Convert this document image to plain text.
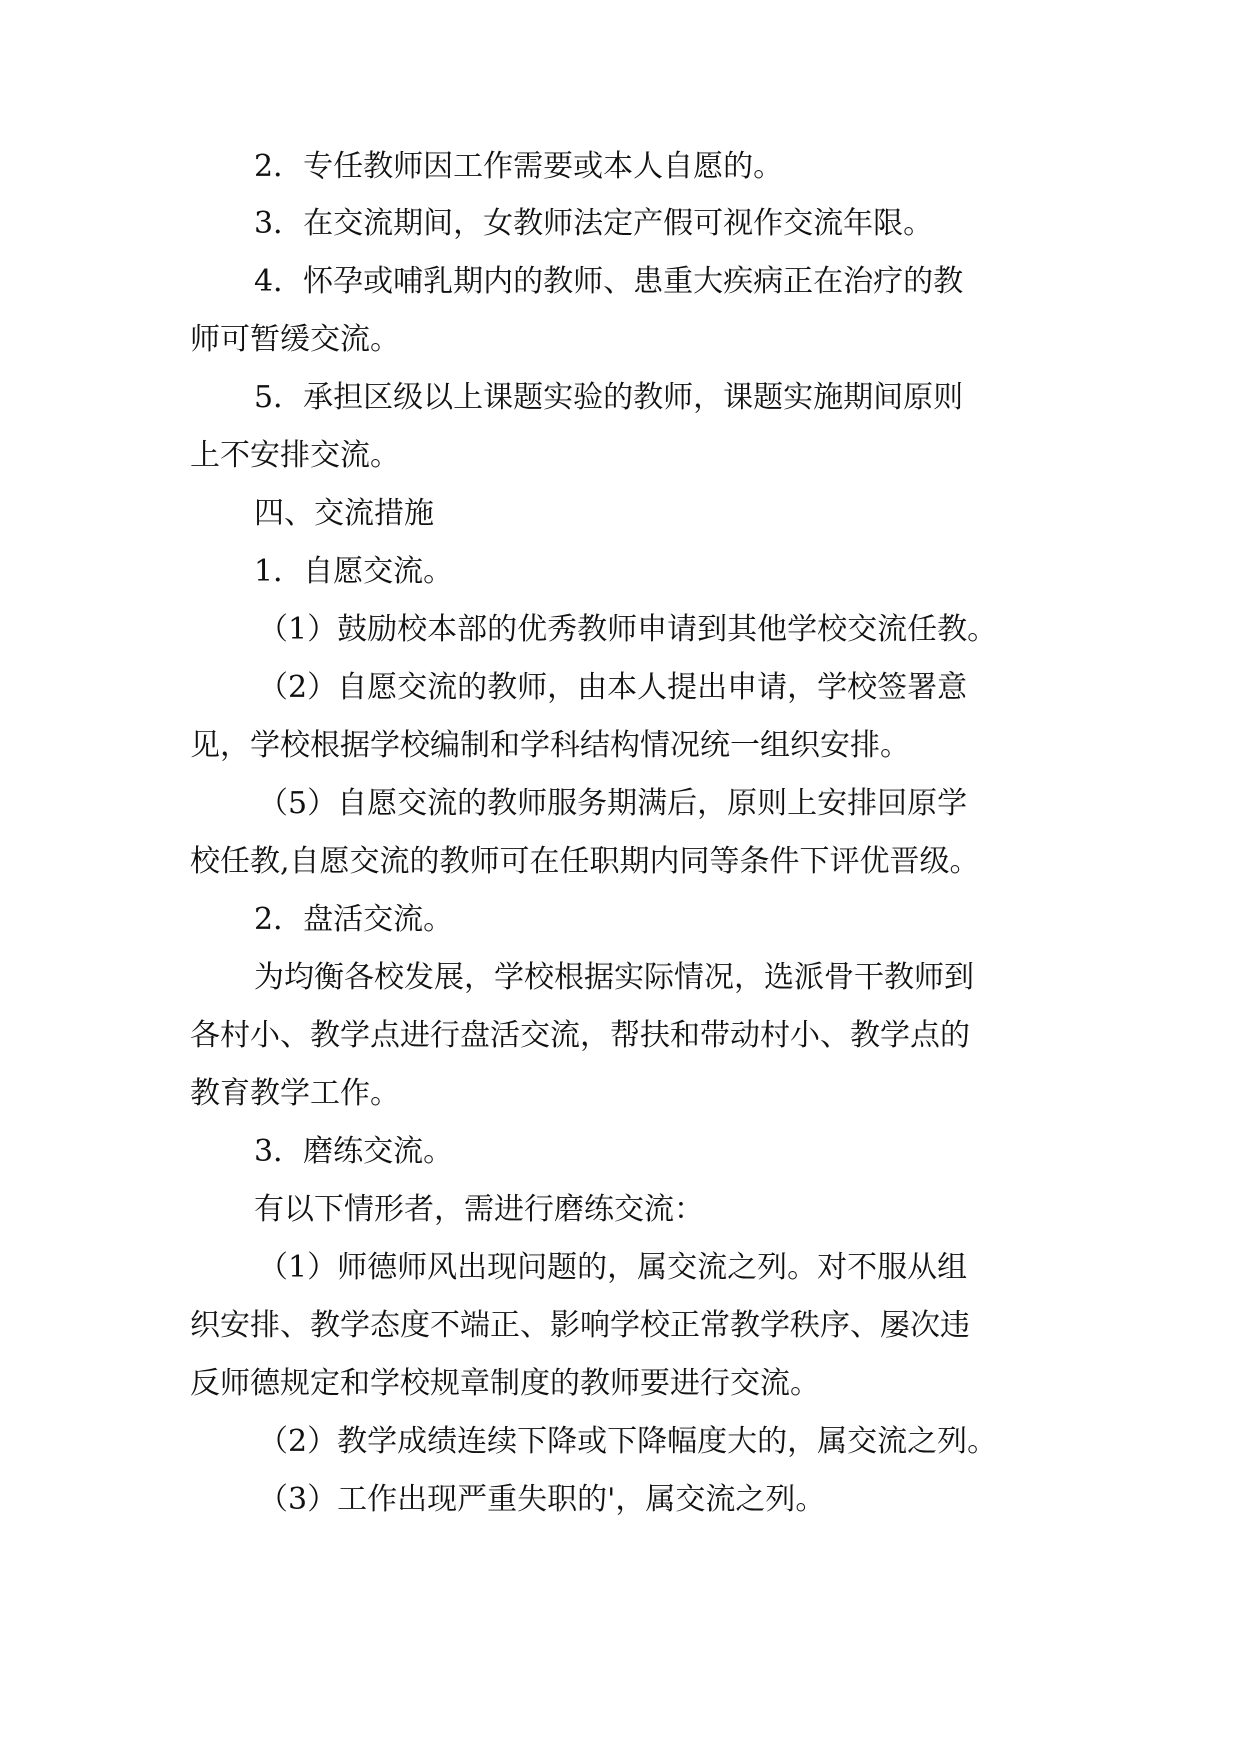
2．专任教师因工作需要或本人自愿的。
3．在交流期间，女教师法定产假可视作交流年限。
4．怀孕或哺乳期内的教师、患重大疾病正在治疗的教
师可暂缓交流。
5．承担区级以上课题实验的教师，课题实施期间原则
上不安排交流。
四、交流措施
1．自愿交流。
（1）鼓励校本部的优秀教师申请到其他学校交流任教。
（2）自愿交流的教师，由本人提出申请，学校签署意
见，学校根据学校编制和学科结构情况统一组织安排。
（5）自愿交流的教师服务期满后，原则上安排回原学
校任教,自愿交流的教师可在任职期内同等条件下评优晋级。
2．盘活交流。
为均衡各校发展，学校根据实际情况，选派骨干教师到
各村小、教学点进行盘活交流，帮扶和带动村小、教学点的
教育教学工作。
3．磨练交流。
有以下情形者，需进行磨练交流：
（1）师德师风出现问题的，属交流之列。对不服从组
织安排、教学态度不端正、影响学校正常教学秩序、屡次违
反师德规定和学校规章制度的教师要进行交流。
（2）教学成绩连续下降或下降幅度大的，属交流之列。
（3）工作出现严重失职的'，属交流之列。
